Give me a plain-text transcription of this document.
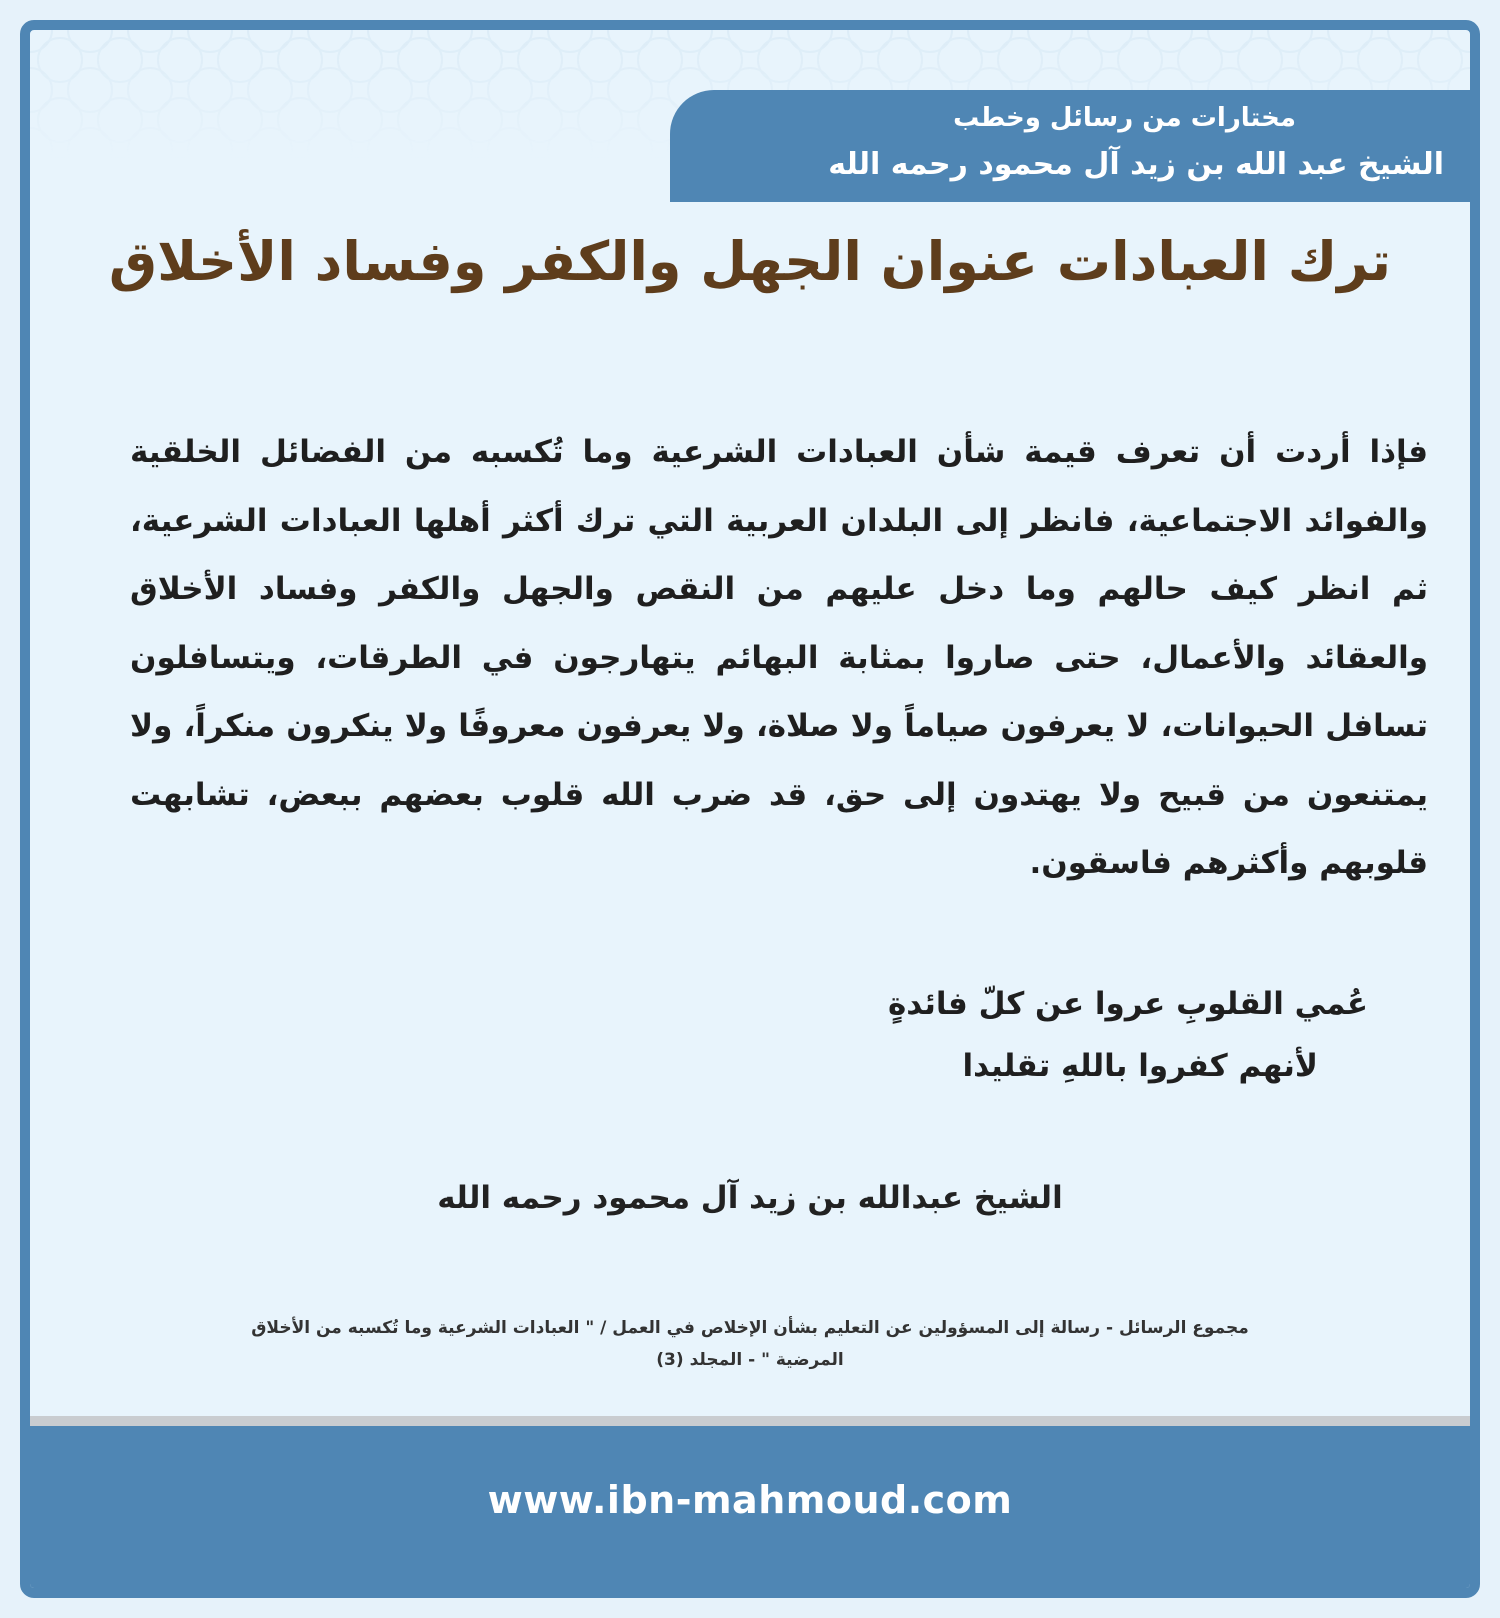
مختارات من رسائل وخطب
الشيخ عبد الله بن زيد آل محمود رحمه الله
ترك العبادات عنوان الجهل والكفر وفساد الأخلاق

فإذا أردت أن تعرف قيمة شأن العبادات الشرعية وما تُكسبه من الفضائل الخلقية والفوائد الاجتماعية، فانظر إلى البلدان العربية التي ترك أكثر أهلها العبادات الشرعية، ثم انظر كيف حالهم وما دخل عليهم من النقص والجهل والكفر وفساد الأخلاق والعقائد والأعمال، حتى صاروا بمثابة البهائم يتهارجون في الطرقات، ويتسافلون تسافل الحيوانات، لا يعرفون صياماً ولا صلاة، ولا يعرفون معروفًا ولا ينكرون منكراً، ولا يمتنعون من قبيح ولا يهتدون إلى حق، قد ضرب الله قلوب بعضهم ببعض، تشابهت قلوبهم وأكثرهم فاسقون.

عُمي القلوبِ عروا عن كلّ فائدةٍ

لأنهم كفروا باللهِ تقليدا

الشيخ عبدالله بن زيد آل محمود رحمه الله
مجموع الرسائل - رسالة إلى المسؤولين عن التعليم بشأن الإخلاص في العمل / " العبادات الشرعية وما تُكسبه من الأخلاق
المرضية " - المجلد (3)
www.ibn-mahmoud.com
